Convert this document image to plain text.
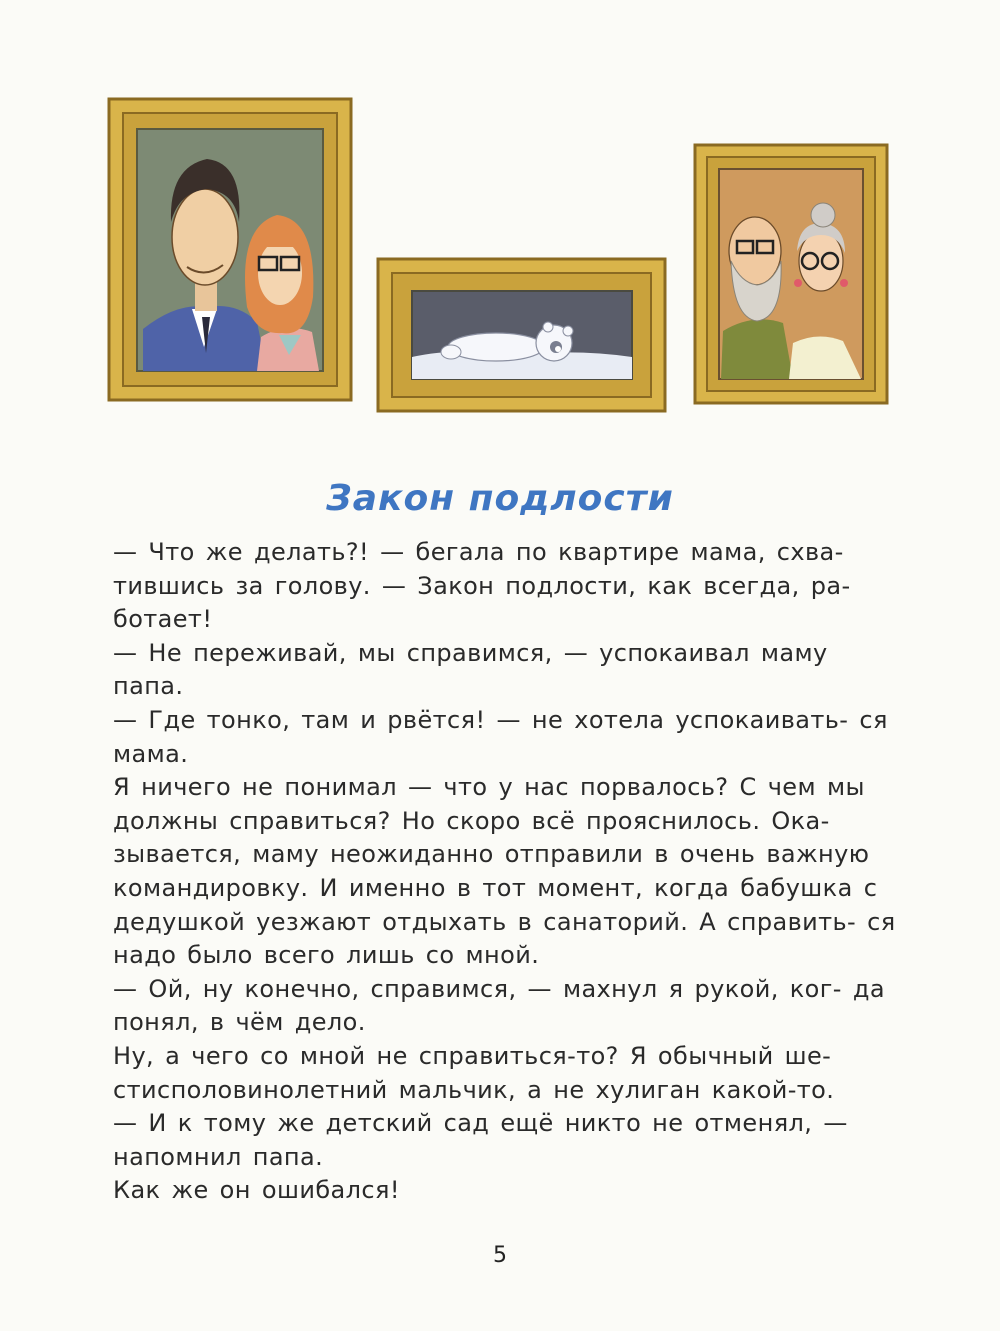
Закон подлости

— Что же делать?! — бегала по квартире мама, схва- тившись за голову. — Закон подлости, как всегда, ра- ботает!

— Не переживай, мы справимся, — успокаивал маму папа.

— Где тонко, там и рвётся! — не хотела успокаивать- ся мама.

Я ничего не понимал — что у нас порвалось? С чем мы должны справиться? Но скоро всё прояснилось. Ока- зывается, маму неожиданно отправили в очень важную командировку. И именно в тот момент, когда бабушка с дедушкой уезжают отдыхать в санаторий. А справить- ся надо было всего лишь со мной.

— Ой, ну конечно, справимся, — махнул я рукой, ког- да понял, в чём дело.

Ну, а чего со мной не справиться-то? Я обычный ше- стисполовинолетний мальчик, а не хулиган какой-то.

— И к тому же детский сад ещё никто не отменял, — напомнил папа.

Как же он ошибался!

5
